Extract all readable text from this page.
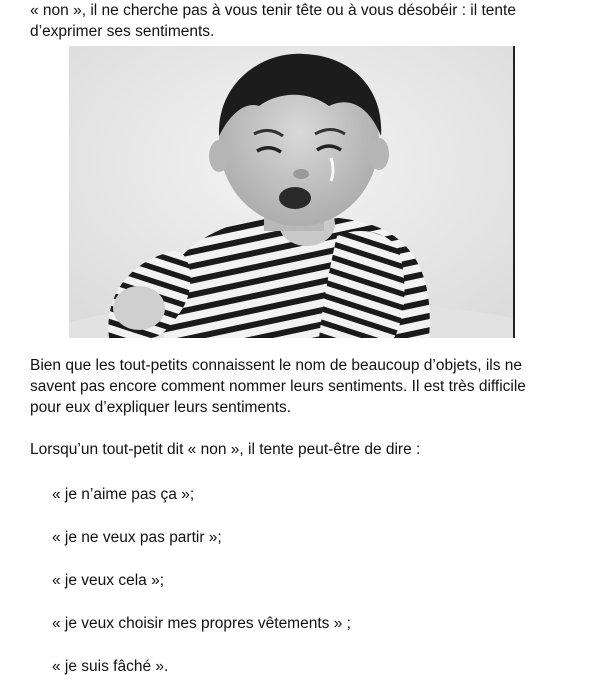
« non », il ne cherche pas à vous tenir tête ou à vous désobéir : il tente
d’exprimer ses sentiments.
Bien que les tout-petits connaissent le nom de beaucoup d’objets, ils ne
savent pas encore comment nommer leurs sentiments. Il est très difficile
pour eux d’expliquer leurs sentiments.

Lorsqu’un tout-petit dit « non », il tente peut-être de dire :

« je n’aime pas ça »;

« je ne veux pas partir »;

« je veux cela »;

« je veux choisir mes propres vêtements » ;

« je suis fâché ».
